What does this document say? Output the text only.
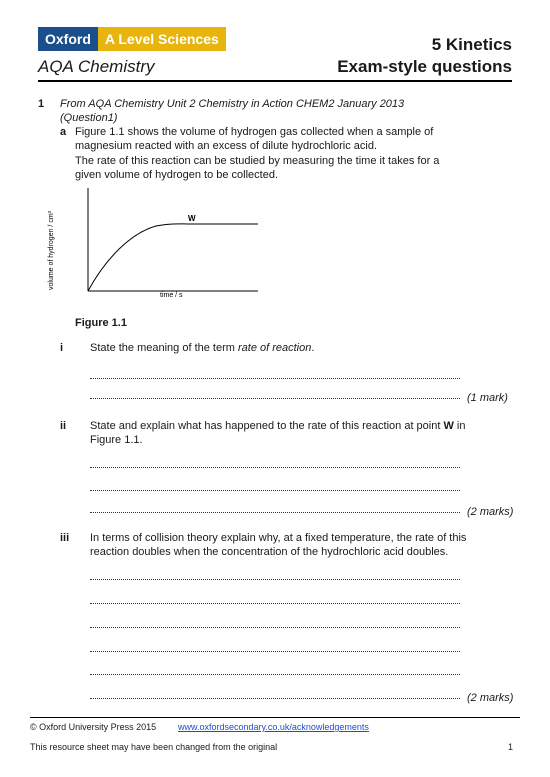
Oxford	A Level Sciences	5 Kinetics
AQA Chemistry	Exam-style questions
1 From AQA Chemistry Unit 2 Chemistry in Action CHEM2 January 2013
(Question1)
a Figure 1.1 shows the volume of hydrogen gas collected when a sample of
magnesium reacted with an excess of dilute hydrochloric acid.
The rate of this reaction can be studied by measuring the time it takes for a
given volume of hydrogen to be collected.
volume of hydrogen / cm³
time / s
W
Figure 1.1
i State the meaning of the term rate of reaction.
(1 mark)
ii State and explain what has happened to the rate of this reaction at point W in
Figure 1.1.
(2 marks)
iii In terms of collision theory explain why, at a fixed temperature, the rate of this
reaction doubles when the concentration of the hydrochloric acid doubles.
(2 marks)
© Oxford University Press 2015 www.oxfordsecondary.co.uk/acknowledgements
This resource sheet may have been changed from the original	1
